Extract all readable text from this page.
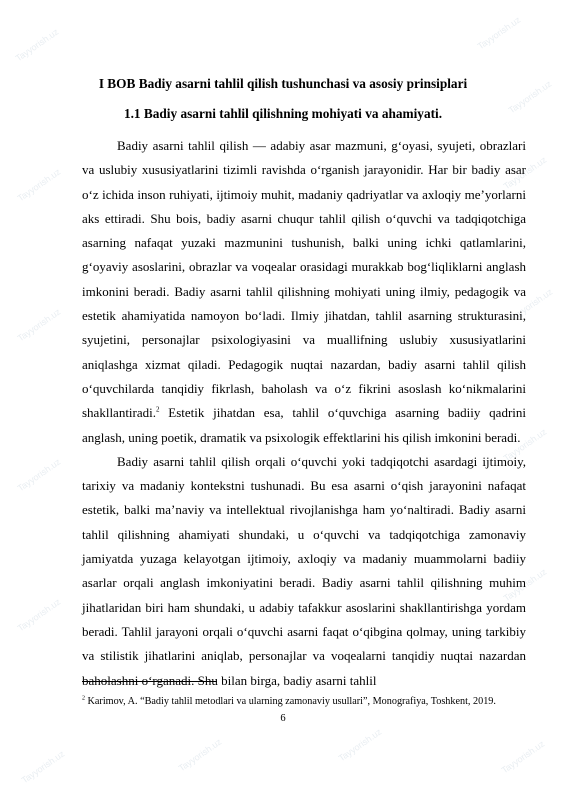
Tayyorish.uz
Tayyorish.uz
Tayyorish.uz
Tayyorish.uz
Tayyorish.uz
Tayyorish.uz
Tayyorish.uz
Tayyorish.uz
Tayyorish.uz
Tayyorish.uz
Tayyorish.uz
Tayyorish.uz
Tayyorish.uz
Tayyorish.uz
Tayyorish.uz
I BOB Badiy asarni tahlil qilish tushunchasi va asosiy prinsiplari
1.1 Badiy asarni tahlil qilishning mohiyati va ahamiyati.

Badiy asarni tahlil qilish — adabiy asar mazmuni, gʻoyasi, syujeti, obrazlari va uslubiy xususiyatlarini tizimli ravishda oʻrganish jarayonidir. Har bir badiy asar oʻz ichida inson ruhiyati, ijtimoiy muhit, madaniy qadriyatlar va axloqiy meʼyorlarni aks ettiradi. Shu bois, badiy asarni chuqur tahlil qilish oʻquvchi va tadqiqotchiga asarning nafaqat yuzaki mazmunini tushunish, balki uning ichki qatlamlarini, gʻoyaviy asoslarini, obrazlar va voqealar orasidagi murakkab bogʻliqliklarni anglash imkonini beradi. Badiy asarni tahlil qilishning mohiyati uning ilmiy, pedagogik va estetik ahamiyatida namoyon boʻladi. Ilmiy jihatdan, tahlil asarning strukturasini, syujetini, personajlar psixologiyasini va muallifning uslubiy xususiyatlarini aniqlashga xizmat qiladi. Pedagogik nuqtai nazardan, badiy asarni tahlil qilish oʻquvchilarda tanqidiy fikrlash, baholash va oʻz fikrini asoslash koʻnikmalarini shakllantiradi.$^2$ Estetik jihatdan esa, tahlil oʻquvchiga asarning badiiy qadrini anglash, uning poetik, dramatik va psixologik effektlarini his qilish imkonini beradi.

Badiy asarni tahlil qilish orqali oʻquvchi yoki tadqiqotchi asardagi ijtimoiy, tarixiy va madaniy kontekstni tushunadi. Bu esa asarni oʻqish jarayonini nafaqat estetik, balki maʼnaviy va intellektual rivojlanishga ham yoʻnaltiradi. Badiy asarni tahlil qilishning ahamiyati shundaki, u oʻquvchi va tadqiqotchiga zamonaviy jamiyatda yuzaga kelayotgan ijtimoiy, axloqiy va madaniy muammolarni badiiy asarlar orqali anglash imkoniyatini beradi. Badiy asarni tahlil qilishning muhim jihatlaridan biri ham shundaki, u adabiy tafakkur asoslarini shakllantirishga yordam beradi. Tahlil jarayoni orqali oʻquvchi asarni faqat oʻqibgina qolmay, uning tarkibiy va stilistik jihatlarini aniqlab, personajlar va voqealarni tanqidiy nuqtai nazardan baholashni oʻrganadi. Shu bilan birga, badiy asarni tahlil

$^2$ Karimov, A. “Badiy tahlil metodlari va ularning zamonaviy usullari”, Monografiya, Toshkent, 2019.
6
